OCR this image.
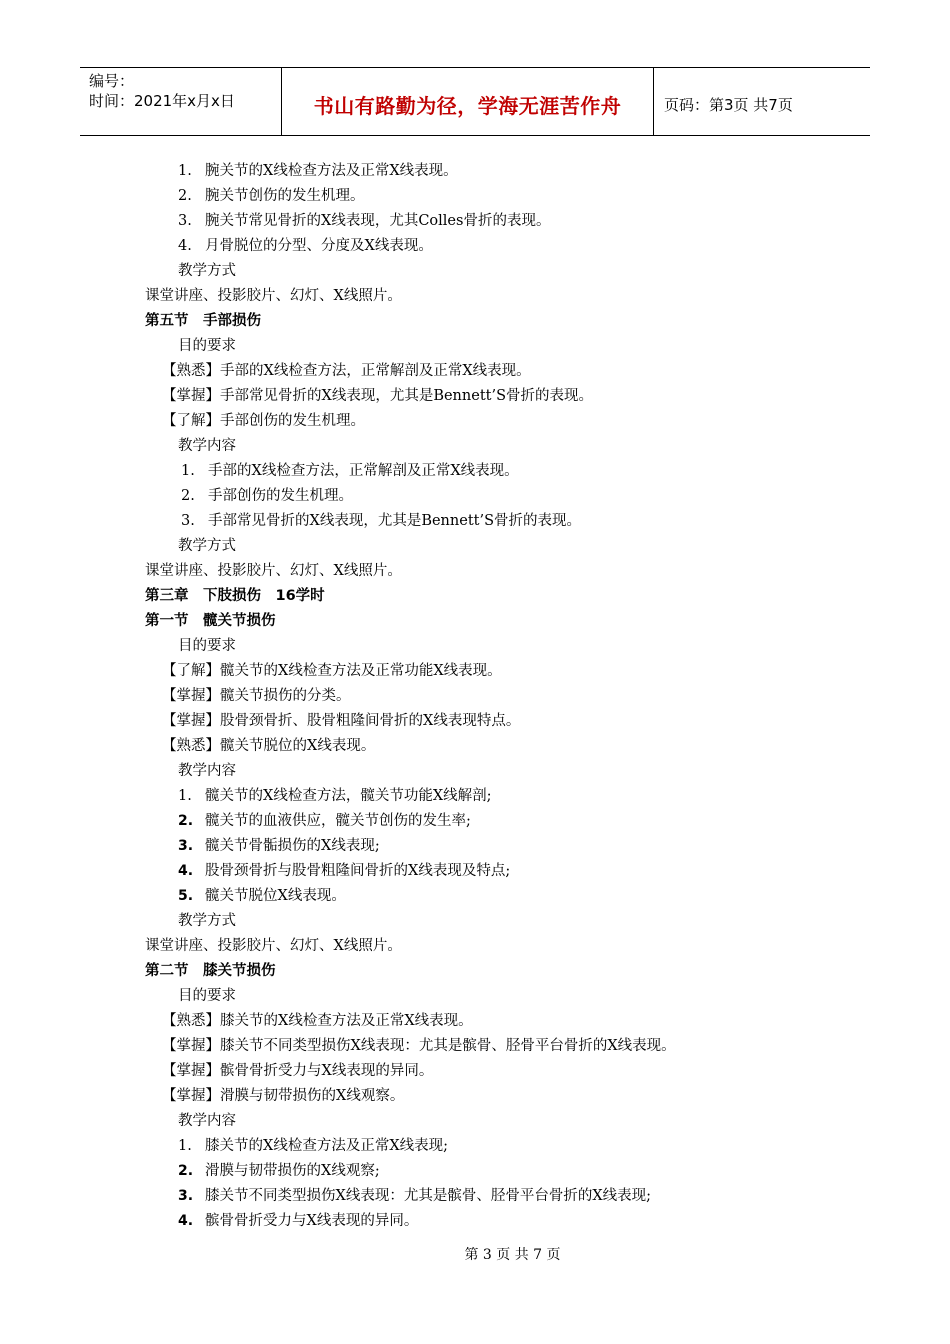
编号：
时间：2021年x月x日	书山有路勤为径，学海无涯苦作舟	页码：第3页 共7页
1. 腕关节的X线检查方法及正常X线表现。
2. 腕关节创伤的发生机理。
3. 腕关节常见骨折的X线表现，尤其Colles骨折的表现。
4. 月骨脱位的分型、分度及X线表现。
教学方式
课堂讲座、投影胶片、幻灯、X线照片。
第五节　手部损伤
目的要求
【熟悉】手部的X线检查方法，正常解剖及正常X线表现。
【掌握】手部常见骨折的X线表现，尤其是Bennett’S骨折的表现。
【了解】手部创伤的发生机理。
教学内容
1. 手部的X线检查方法，正常解剖及正常X线表现。
2. 手部创伤的发生机理。
3. 手部常见骨折的X线表现，尤其是Bennett’S骨折的表现。
教学方式
课堂讲座、投影胶片、幻灯、X线照片。
第三章　下肢损伤　16学时
第一节　髋关节损伤
目的要求
【了解】髋关节的X线检查方法及正常功能X线表现。
【掌握】髋关节损伤的分类。
【掌握】股骨颈骨折、股骨粗隆间骨折的X线表现特点。
【熟悉】髋关节脱位的X线表现。
教学内容
1. 髋关节的X线检查方法，髋关节功能X线解剖;
2. 髋关节的血液供应，髋关节创伤的发生率;
3. 髋关节骨骺损伤的X线表现;
4. 股骨颈骨折与股骨粗隆间骨折的X线表现及特点;
5. 髋关节脱位X线表现。
教学方式
课堂讲座、投影胶片、幻灯、X线照片。
第二节　膝关节损伤
目的要求
【熟悉】膝关节的X线检查方法及正常X线表现。
【掌握】膝关节不同类型损伤X线表现：尤其是髌骨、胫骨平台骨折的X线表现。
【掌握】髌骨骨折受力与X线表现的异同。
【掌握】滑膜与韧带损伤的X线观察。
教学内容
1. 膝关节的X线检查方法及正常X线表现;
2. 滑膜与韧带损伤的X线观察;
3. 膝关节不同类型损伤X线表现：尤其是髌骨、胫骨平台骨折的X线表现;
4. 髌骨骨折受力与X线表现的异同。
第 3 页 共 7 页
